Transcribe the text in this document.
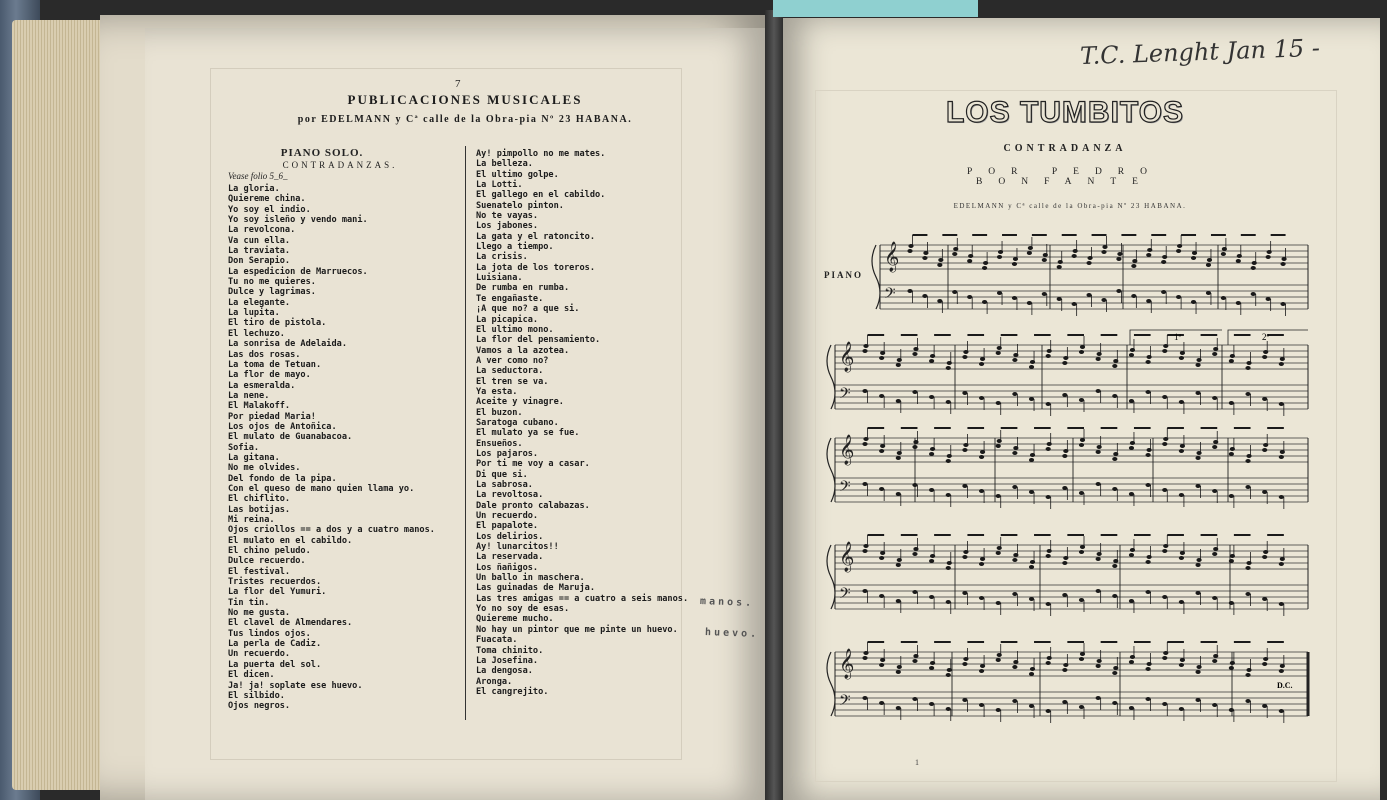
7
PUBLICACIONES MUSICALES
por EDELMANN y Cª calle de la Obra-pia Nº 23 HABANA.
PIANO SOLO.
CONTRADANZAS.
Vease folio 5_6_
La gloria.
Quiereme china.
Yo soy el indio.
Yo soy isleño y vendo mani.
La revolcona.
Va cun ella.
La traviata.
Don Serapio.
La espedicion de Marruecos.
Tu no me quieres.
Dulce y lagrimas.
La elegante.
La lupita.
El tiro de pistola.
El lechuzo.
La sonrisa de Adelaida.
Las dos rosas.
La toma de Tetuan.
La flor de mayo.
La esmeralda.
La nene.
El Malakoff.
Por piedad Maria!
Los ojos de Antoñica.
El mulato de Guanabacoa.
Sofia.
La gitana.
No me olvides.
Del fondo de la pipa.
Con el queso de mano quien llama yo.
El chiflito.
Las botijas.
Mi reina.
Ojos criollos == a dos y a cuatro manos.
El mulato en el cabildo.
El chino peludo.
Dulce recuerdo.
El festival.
Tristes recuerdos.
La flor del Yumuri.
Tin tin.
No me gusta.
El clavel de Almendares.
Tus lindos ojos.
La perla de Cadiz.
Un recuerdo.
La puerta del sol.
El dicen.
Ja! ja! soplate ese huevo.
El silbido.
Ojos negros.
Ay! pimpollo no me mates.
La belleza.
El ultimo golpe.
La Lotti.
El gallego en el cabildo.
Suenatelo pinton.
No te vayas.
Los jabones.
La gata y el ratoncito.
Llego a tiempo.
La crisis.
La jota de los toreros.
Luisiana.
De rumba en rumba.
Te engañaste.
¡A que no? a que si.
La picapica.
El ultimo mono.
La flor del pensamiento.
Vamos a la azotea.
A ver como no?
La seductora.
El tren se va.
Ya esta.
Aceite y vinagre.
El buzon.
Saratoga cubano.
El mulato ya se fue.
Ensueños.
Los pajaros.
Por ti me voy a casar.
Di que si.
La sabrosa.
La revoltosa.
Dale pronto calabazas.
Un recuerdo.
El papalote.
Los delirios.
Ay! lunarcitos!!
La reservada.
Los ñañigos.
Un ballo in maschera.
Las guinadas de Maruja.
Las tres amigas == a cuatro a seis manos.
Yo no soy de esas.
Quiereme mucho.
No hay un pintor que me pinte un huevo.
Fuacata.
Toma chinito.
La Josefina.
La dengosa.
Aronga.
El cangrejito.
manos.
huevo.
T.C. Lenght Jan 15 -
LOS TUMBITOS
CONTRADANZA
POR PEDRO BONFANTE
EDELMANN y Cª calle de la Obra-pia Nº 23 HABANA.
PIANO
1
𝄞
𝄢
𝄞
𝄢
𝄞
𝄢
𝄞
𝄢
𝄞
𝄢
1ª	2ª
D.C.
